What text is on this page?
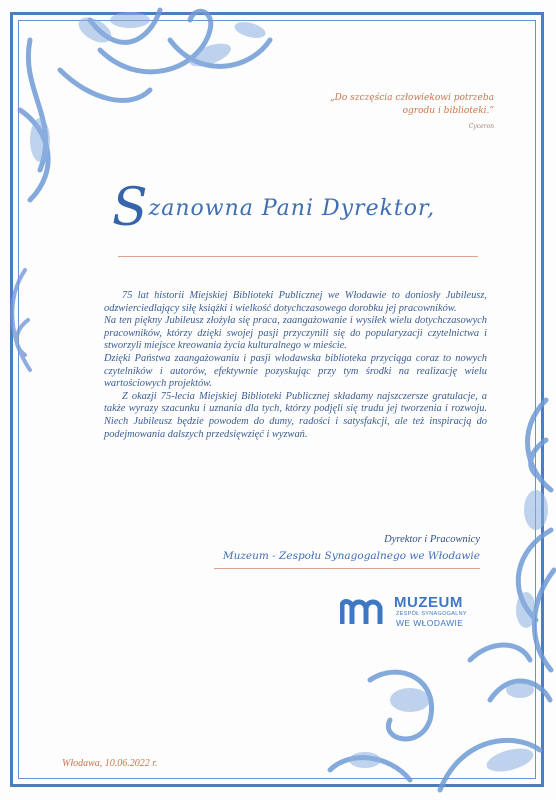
„Do szczęścia człowiekowi potrzeba
ogrodu i biblioteki.”
Cyceron
Szanowna Pani Dyrektor,

75 lat historii Miejskiej Biblioteki Publicznej we Włodawie to doniosły Jubileusz, odzwierciedlający siłę książki i wielkość dotychczasowego dorobku jej pracowników.

Na ten piękny Jubileusz złożyła się praca, zaangażowanie i wysiłek wielu dotychczasowych pracowników, którzy dzięki swojej pasji przyczynili się do popularyzacji czytelnictwa i stworzyli miejsce kreowania życia kulturalnego w mieście.

Dzięki Państwa zaangażowaniu i pasji włodawska biblioteka przyciąga coraz to nowych czytelników i autorów, efektywnie pozyskując przy tym środki na realizację wielu wartościowych projektów.

Z okazji 75-lecia Miejskiej Biblioteki Publicznej składamy najszczersze gratulacje, a także wyrazy szacunku i uznania dla tych, którzy podjęli się trudu jej tworzenia i rozwoju. Niech Jubileusz będzie powodem do dumy, radości i satysfakcji, ale też inspiracją do podejmowania dalszych przedsięwzięć i wyzwań.

Dyrektor i Pracownicy
Muzeum - Zespołu Synagogalnego we Włodawie
MUZEUM
ZESPÓŁ SYNAGOGALNY
WE WŁODAWIE
Włodawa, 10.06.2022 r.
